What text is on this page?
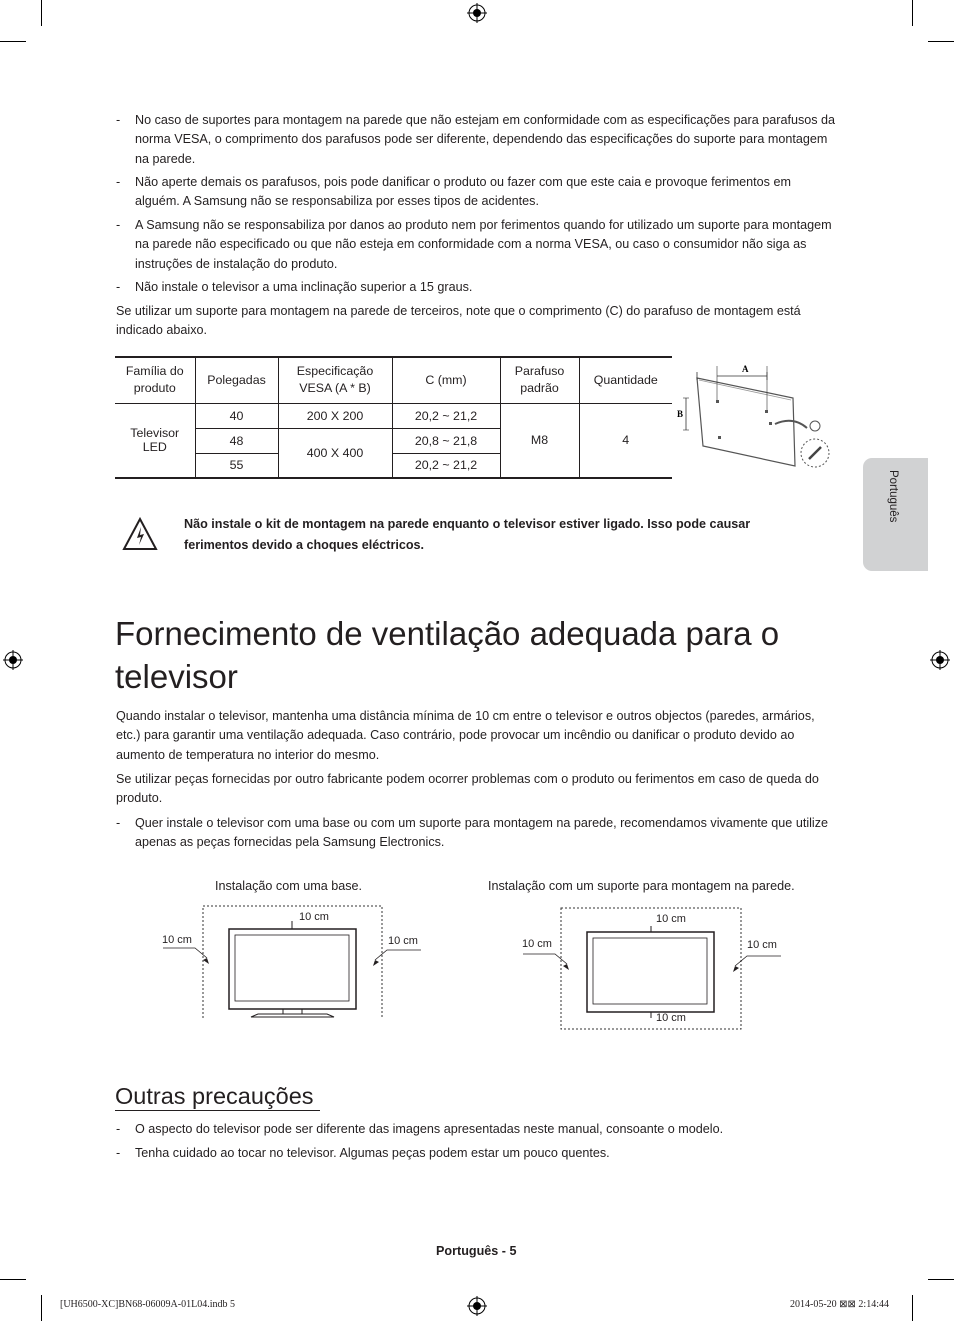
- No caso de suportes para montagem na parede que não estejam em conformidade com as especificações para parafusos da norma VESA, o comprimento dos parafusos pode ser diferente, dependendo das especificações do suporte para montagem na parede.
- Não aperte demais os parafusos, pois pode danificar o produto ou fazer com que este caia e provoque ferimentos em alguém. A Samsung não se responsabiliza por esses tipos de acidentes.
- A Samsung não se responsabiliza por danos ao produto nem por ferimentos quando for utilizado um suporte para montagem na parede não especificado ou que não esteja em conformidade com a norma VESA, ou caso o consumidor não siga as instruções de instalação do produto.
- Não instale o televisor a uma inclinação superior a 15 graus.
Se utilizar um suporte para montagem na parede de terceiros, note que o comprimento (C) do parafuso de montagem está indicado abaixo.
Família do produto	Polegadas	Especificação VESA (A * B)	C (mm)	Parafuso padrão	Quantidade
Televisor LED	40	200 X 200	20,2 ~ 21,2	M8	4
	48	400 X 400	20,8 ~ 21,8		
	55		20,2 ~ 21,2		
A
B
Não instale o kit de montagem na parede enquanto o televisor estiver ligado. Isso pode causar ferimentos devido a choques eléctricos.
Fornecimento de ventilação adequada para o televisor
Quando instalar o televisor, mantenha uma distância mínima de 10 cm entre o televisor e outros objectos (paredes, armários, etc.) para garantir uma ventilação adequada. Caso contrário, pode provocar um incêndio ou danificar o produto devido ao aumento de temperatura no interior do mesmo.
Se utilizar peças fornecidas por outro fabricante podem ocorrer problemas com o produto ou ferimentos em caso de queda do produto.
- Quer instale o televisor com uma base ou com um suporte para montagem na parede, recomendamos vivamente que utilize apenas as peças fornecidas pela Samsung Electronics.
Instalação com uma base.	Instalação com um suporte para montagem na parede.
10 cm
10 cm	10 cm
10 cm
10 cm	10 cm
10 cm
Outras precauções
- O aspecto do televisor pode ser diferente das imagens apresentadas neste manual, consoante o modelo.
- Tenha cuidado ao tocar no televisor. Algumas peças podem estar um pouco quentes.
Português
Português - 5
[UH6500-XC]BN68-06009A-01L04.indb 5	2014-05-20 ⊠⊠ 2:14:44
